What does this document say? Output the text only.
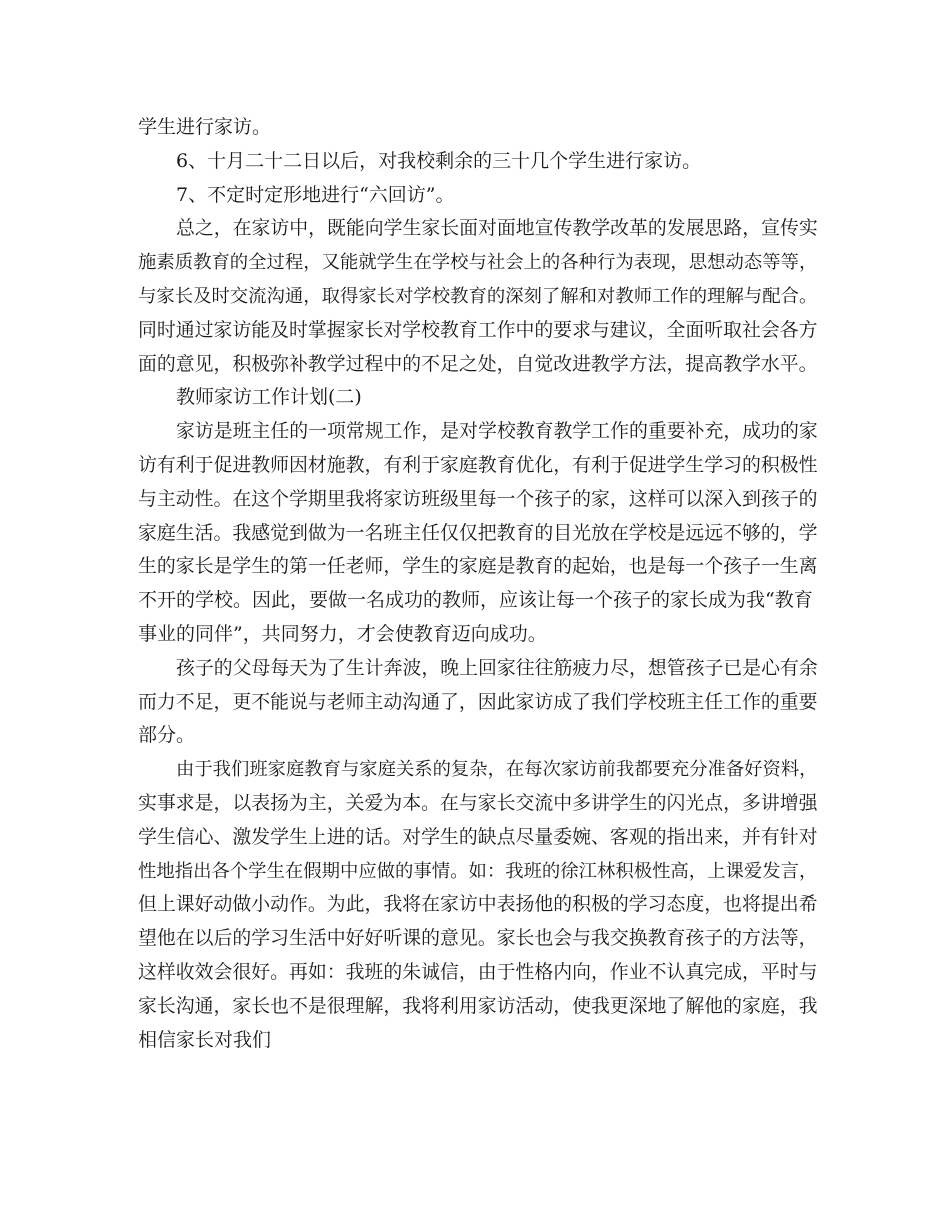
学生进行家访。
6、十月二十二日以后，对我校剩余的三十几个学生进行家访。
7、不定时定形地进行“六回访”。
总之，在家访中，既能向学生家长面对面地宣传教学改革的发展思路，宣传实
施素质教育的全过程，又能就学生在学校与社会上的各种行为表现，思想动态等等，
与家长及时交流沟通，取得家长对学校教育的深刻了解和对教师工作的理解与配合。
同时通过家访能及时掌握家长对学校教育工作中的要求与建议，全面听取社会各方
面的意见，积极弥补教学过程中的不足之处，自觉改进教学方法，提高教学水平。
教师家访工作计划(二)
家访是班主任的一项常规工作，是对学校教育教学工作的重要补充，成功的家
访有利于促进教师因材施教，有利于家庭教育优化，有利于促进学生学习的积极性
与主动性。在这个学期里我将家访班级里每一个孩子的家，这样可以深入到孩子的
家庭生活。我感觉到做为一名班主任仅仅把教育的目光放在学校是远远不够的，学
生的家长是学生的第一任老师，学生的家庭是教育的起始，也是每一个孩子一生离
不开的学校。因此，要做一名成功的教师，应该让每一个孩子的家长成为我“教育
事业的同伴”，共同努力，才会使教育迈向成功。
孩子的父母每天为了生计奔波，晚上回家往往筋疲力尽，想管孩子已是心有余
而力不足，更不能说与老师主动沟通了，因此家访成了我们学校班主任工作的重要
部分。
由于我们班家庭教育与家庭关系的复杂，在每次家访前我都要充分准备好资料，
实事求是，以表扬为主，关爱为本。在与家长交流中多讲学生的闪光点，多讲增强
学生信心、激发学生上进的话。对学生的缺点尽量委婉、客观的指出来，并有针对
性地指出各个学生在假期中应做的事情。如：我班的徐江林积极性高，上课爱发言，
但上课好动做小动作。为此，我将在家访中表扬他的积极的学习态度，也将提出希
望他在以后的学习生活中好好听课的意见。家长也会与我交换教育孩子的方法等，
这样收效会很好。再如：我班的朱诚信，由于性格内向，作业不认真完成，平时与
家长沟通，家长也不是很理解，我将利用家访活动，使我更深地了解他的家庭，我
相信家长对我们
